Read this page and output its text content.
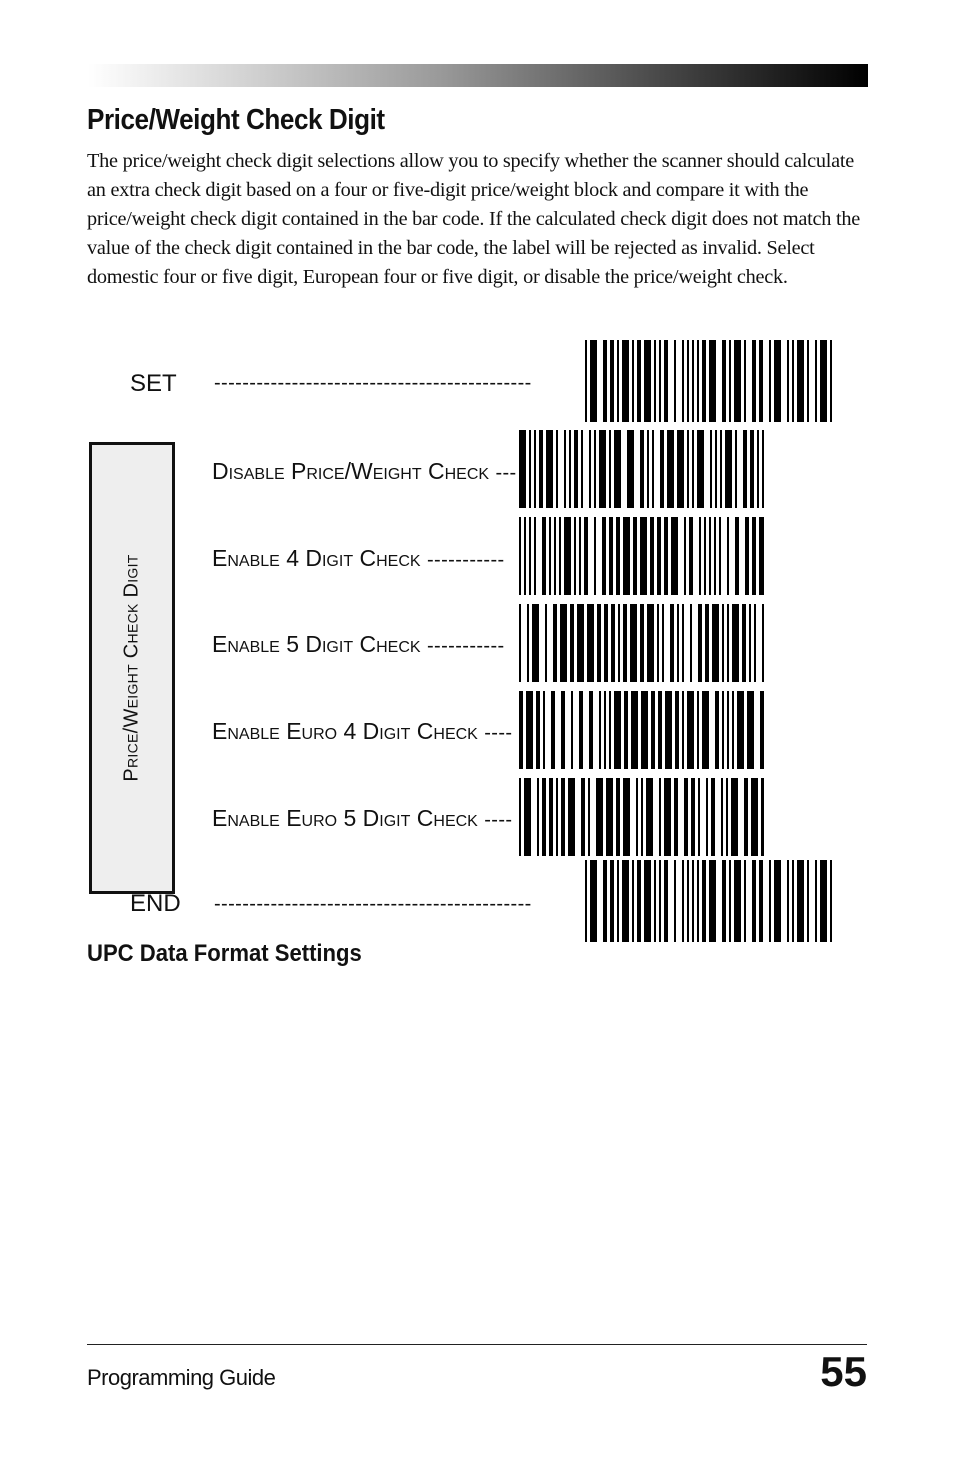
Price/Weight Check Digit

The price/weight check digit selections allow you to specify whether the scanner should calculate an extra check digit based on a four or five-digit price/weight block and compare it with the price/weight check digit contained in the bar code. If the calculated check digit does not match the value of the check digit contained in the bar code, the label will be rejected as invalid. Select domestic four or five digit, European four or five digit, or disable the price/weight check.

SET ---------------------------------------------
Price/Weight Check Digit
Disable Price/Weight Check ---
Enable 4 Digit Check -----------
Enable 5 Digit Check -----------
Enable Euro 4 Digit Check ----
Enable Euro 5 Digit Check ----
END ---------------------------------------------
UPC Data Format Settings
Programming Guide	55
